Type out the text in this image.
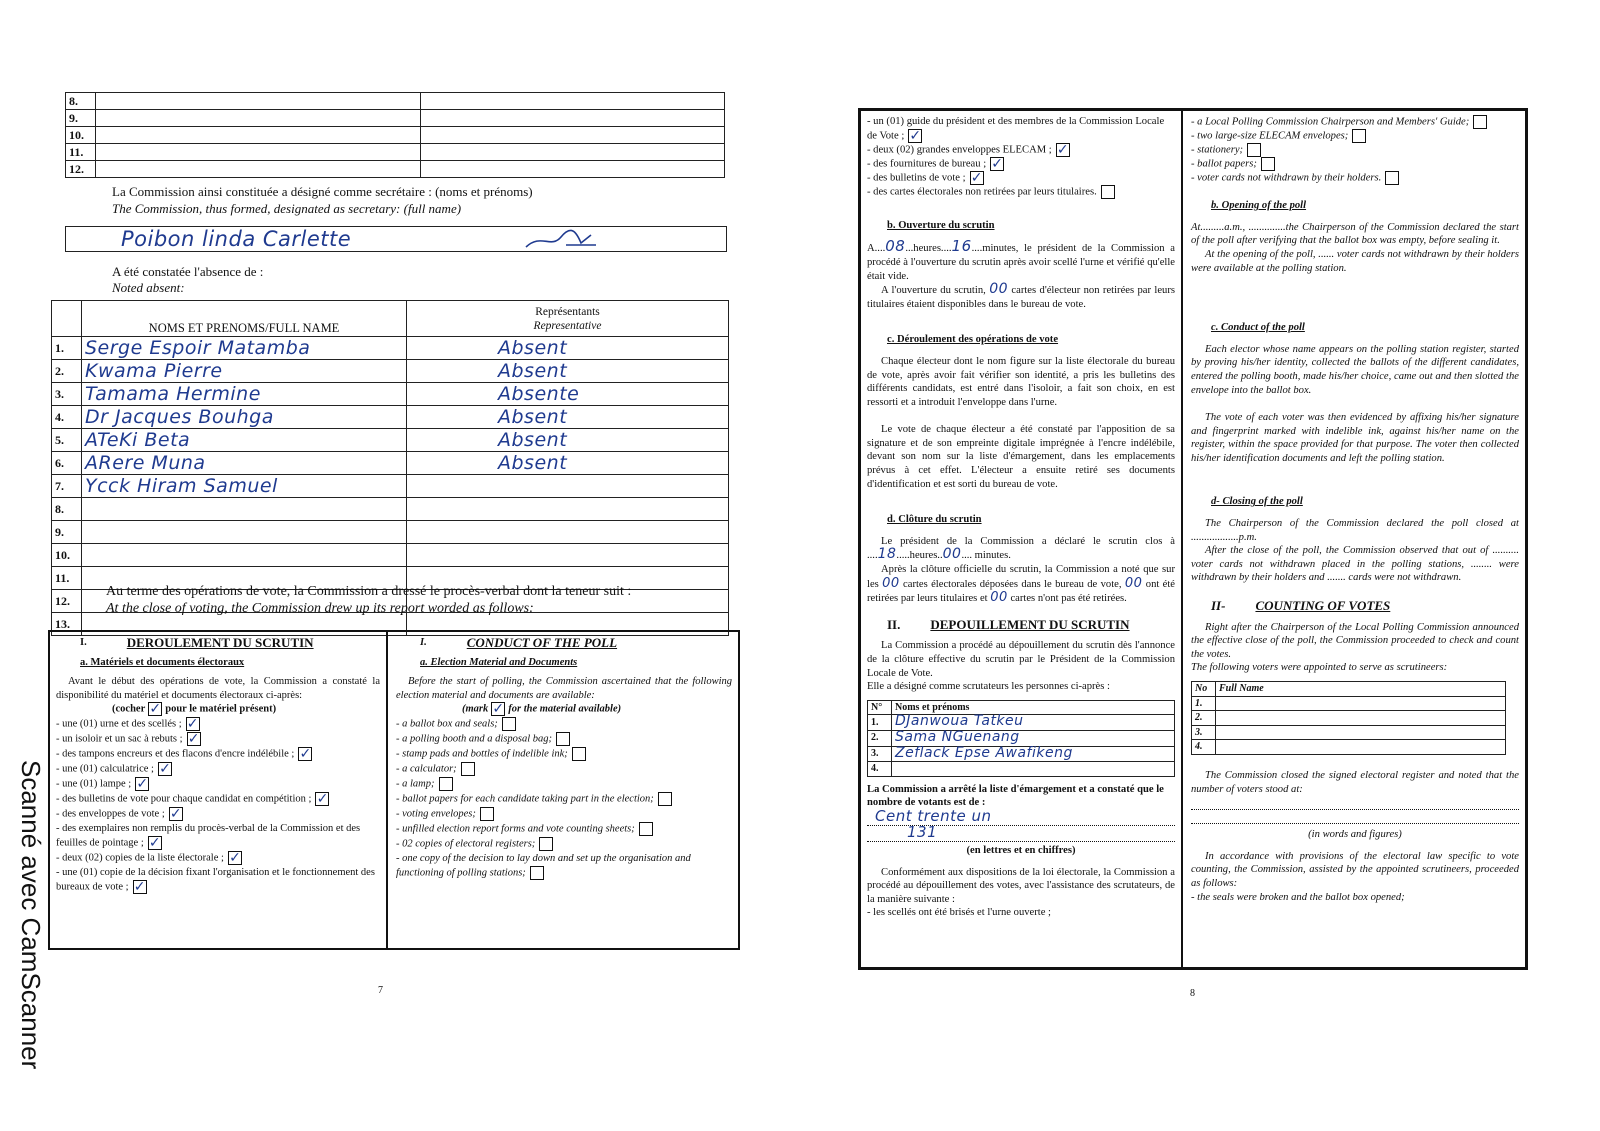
8.		
9.		
10.		
11.		
12.		
La Commission ainsi constituée a désigné comme secrétaire : (noms et prénoms)
The Commission, thus formed, designated as secretary: (full name)
Poibon linda Carlette
A été constatée l'absence de :
Noted absent:
	NOMS ET PRENOMS/FULL NAME	Représentants
Representative

1.	Serge Espoir Matamba	Absent
2.	Kwama Pierre	Absent
3.	Tamama Hermine	Absente
4.	Dr Jacques Bouhga	Absent
5.	ATeKi Beta	Absent
6.	ARere Muna	Absent
7.	Ycck Hiram Samuel	
8.		
9.		
10.		
11.		
12.		
13.		
Au terme des opérations de vote, la Commission a dressé le procès-verbal dont la teneur suit :
At the close of voting, the Commission drew up its report worded as follows:
I.	DEROULEMENT DU SCRUTIN

a. Matériels et documents électoraux

Avant le début des opérations de vote, la Commission a constaté la disponibilité du matériel et documents électoraux ci-après:

(cocher ✓ pour le matériel présent)

- une (01) urne et des scellés ; ✓

- un isoloir et un sac à rebuts ; ✓

- des tampons encreurs et des flacons d'encre indélébile ; ✓

- une (01) calculatrice ; ✓

- une (01) lampe ; ✓

- des bulletins de vote pour chaque candidat en compétition ; ✓

- des enveloppes de vote ; ✓

- des exemplaires non remplis du procès-verbal de la Commission et des feuilles de pointage ; ✓

- deux (02) copies de la liste électorale ; ✓

- une (01) copie de la décision fixant l'organisation et le fonctionnement des bureaux de vote ; ✓

I.	CONDUCT OF THE POLL

a. Election Material and Documents

Before the start of polling, the Commission ascertained that the following election material and documents are available:

(mark ✓ for the material available)

- a ballot box and seals;

- a polling booth and a disposal bag;

- stamp pads and bottles of indelible ink;

- a calculator;

- a lamp;

- ballot papers for each candidate taking part in the election;

- voting envelopes;

- unfilled election report forms and vote counting sheets;

- 02 copies of electoral registers;

- one copy of the decision to lay down and set up the organisation and functioning of polling stations;

7
Scanné avec CamScanner

- un (01) guide du président et des membres de la Commission Locale de Vote ; ✓

- deux (02) grandes enveloppes ELECAM ; ✓

- des fournitures de bureau ; ✓

- des bulletins de vote ; ✓

- des cartes électorales non retirées par leurs titulaires.

b. Ouverture du scrutin

A....08...heures....16....minutes, le président de la Commission a procédé à l'ouverture du scrutin après avoir scellé l'urne et vérifié qu'elle était vide.

A l'ouverture du scrutin, 00 cartes d'électeur non retirées par leurs titulaires étaient disponibles dans le bureau de vote.

c. Déroulement des opérations de vote

Chaque électeur dont le nom figure sur la liste électorale du bureau de vote, après avoir fait vérifier son identité, a pris les bulletins des différents candidats, est entré dans l'isoloir, a fait son choix, en est ressorti et a introduit l'enveloppe dans l'urne.

Le vote de chaque électeur a été constaté par l'apposition de sa signature et de son empreinte digitale imprégnée à l'encre indélébile, devant son nom sur la liste d'émargement, dans les emplacements prévus à cet effet. L'électeur a ensuite retiré ses documents d'identification et est sorti du bureau de vote.

d. Clôture du scrutin

Le président de la Commission a déclaré le scrutin clos à ....18.....heures..00.... minutes.

Après la clôture officielle du scrutin, la Commission a noté que sur les 00 cartes électorales déposées dans le bureau de vote, 00 ont été retirées par leurs titulaires et 00 cartes n'ont pas été retirées.

II. DEPOUILLEMENT DU SCRUTIN

La Commission a procédé au dépouillement du scrutin dès l'annonce de la clôture effective du scrutin par le Président de la Commission Locale de Vote.

Elle a désigné comme scrutateurs les personnes ci-après :

N°	Noms et prénoms
1.	DJanwoua Tatkeu
2.	Sama NGuenang
3.	Zeflack Epse Awafikeng
4.	

La Commission a arrêté la liste d'émargement et a constaté que le nombre de votants est de :

Cent trente un

131

(en lettres et en chiffres)

Conformément aux dispositions de la loi électorale, la Commission a procédé au dépouillement des votes, avec l'assistance des scrutateurs, de la manière suivante :

- les scellés ont été brisés et l'urne ouverte ;

- a Local Polling Commission Chairperson and Members' Guide;

- two large-size ELECAM envelopes;

- stationery;

- ballot papers;

- voter cards not withdrawn by their holders.

b. Opening of the poll

At.........a.m., ..............the Chairperson of the Commission declared the start of the poll after verifying that the ballot box was empty, before sealing it.

At the opening of the poll, ...... voter cards not withdrawn by their holders were available at the polling station.

c. Conduct of the poll

Each elector whose name appears on the polling station register, started by proving his/her identity, collected the ballots of the different candidates, entered the polling booth, made his/her choice, came out and then slotted the envelope into the ballot box.

The vote of each voter was then evidenced by affixing his/her signature and fingerprint marked with indelible ink, against his/her name on the register, within the space provided for that purpose. The voter then collected his/her identification documents and left the polling station.

d- Closing of the poll

The Chairperson of the Commission declared the poll closed at ..................p.m.

After the close of the poll, the Commission observed that out of .......... voter cards not withdrawn placed in the polling stations, ........ were withdrawn by their holders and ....... cards were not withdrawn.

II- COUNTING OF VOTES

Right after the Chairperson of the Local Polling Commission announced the effective close of the poll, the Commission proceeded to check and count the votes.

The following voters were appointed to serve as scrutineers:

No	Full Name
1.	
2.	
3.	
4.	

The Commission closed the signed electoral register and noted that the number of voters stood at:

(in words and figures)

In accordance with provisions of the electoral law specific to vote counting, the Commission, assisted by the appointed scrutineers, proceeded as follows:

- the seals were broken and the ballot box opened;

8
